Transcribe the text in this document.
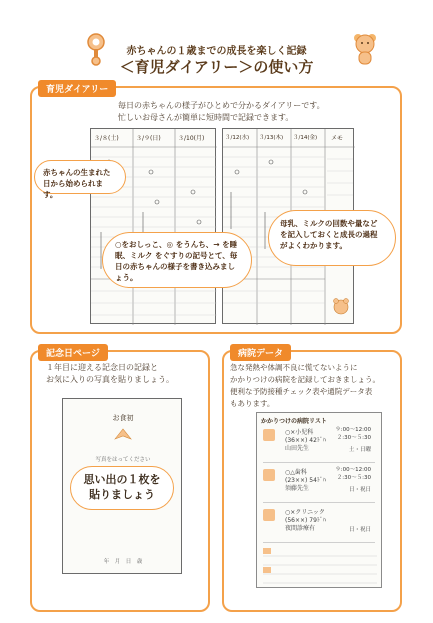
赤ちゃんの１歳までの成長を楽しく記録
＜育児ダイアリー＞の使い方
育児ダイアリー
毎日の赤ちゃんの様子がひとめで分かるダイアリーです。
忙しいお母さんが簡単に短時間で記録できます。
３/８(土)	３/９(日)	３/10(月)	３/12(水) ３/13(木) ３/14(金) メモ
赤ちゃんの生まれた日から始められます。
○をおしっこ、◎ をうんち、→ を睡眠、ミルク をぐすりの記号とて、毎日の赤ちゃんの様子を書き込みましょう。
母乳、ミルクの回数や量などを記入しておくと成長の過程がよくわかります。
記念日ページ
１年目に迎える記念日の記録と
お気に入りの写真を貼りましょう。
お食初
写真をはってください
年　月　日　歳
思い出の１枚を
貼りましょう
病院データ
急な発熱や体調不良に慌てないように
かかりつけの病院を記録しておきましょう。
便利な予防接種チェック表や通院データ表
もあります。
かかりつけの病院リスト
○×小児科
(36××) 42ﾄﾞﾊ
山田先生
９:00～12:00
２:30～５:30
土・日曜
○△歯科
(23××) 54ﾄﾞﾊ
須藤先生
９:00～12:00
２:30～５:30
日・祝日
○×クリニック
(56××) 79ﾄﾞﾊ
夜間診療有	日・祝日
